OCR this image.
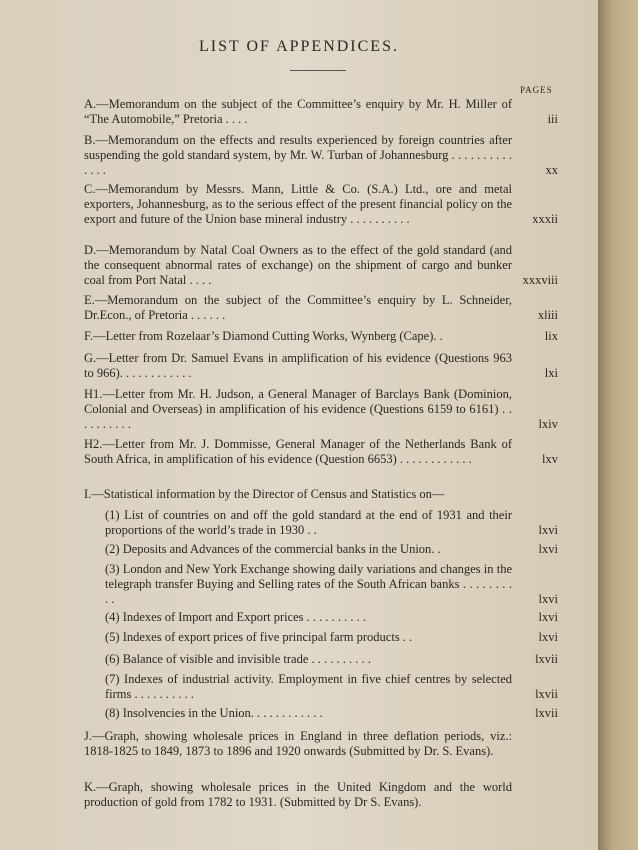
LIST OF APPENDICES.
PAGES
A.—Memorandum on the subject of the Committee’s enquiry by Mr. H. Miller of “The Automobile,” Pretoria . . . .	iii
B.—Memorandum on the effects and results experienced by foreign countries after suspending the gold standard system, by Mr. W. Turban of Johannesburg . . . . . . . . . . . . . .	xx
C.—Memorandum by Messrs. Mann, Little & Co. (S.A.) Ltd., ore and metal exporters, Johannesburg, as to the serious effect of the present financial policy on the export and future of the Union base mineral industry . . . . . . . . . .	xxxii
D.—Memorandum by Natal Coal Owners as to the effect of the gold standard (and the consequent abnormal rates of exchange) on the shipment of cargo and bunker coal from Port Natal . . . .	xxxviii
E.—Memorandum on the subject of the Committee’s enquiry by L. Schneider, Dr.Econ., of Pretoria . . . . . .	xliii
F.—Letter from Rozelaar’s Diamond Cutting Works, Wynberg (Cape). .	lix
G.—Letter from Dr. Samuel Evans in amplification of his evidence (Questions 963 to 966). . . . . . . . . . . .	lxi
H1.—Letter from Mr. H. Judson, a General Manager of Barclays Bank (Dominion, Colonial and Overseas) in amplification of his evidence (Questions 6159 to 6161) . . . . . . . . . .	lxiv
H2.—Letter from Mr. J. Dommisse, General Manager of the Netherlands Bank of South Africa, in amplification of his evidence (Question 6653) . . . . . . . . . . . .	lxv
I.—Statistical information by the Director of Census and Statistics on—
(1) List of countries on and off the gold standard at the end of 1931 and their proportions of the world’s trade in 1930 . .	lxvi
(2) Deposits and Advances of the commercial banks in the Union. .	lxvi
(3) London and New York Exchange showing daily variations and changes in the telegraph transfer Buying and Selling rates of the South African banks . . . . . . . . . .	lxvi
(4) Indexes of Import and Export prices . . . . . . . . . .	lxvi
(5) Indexes of export prices of five principal farm products . .	lxvi
(6) Balance of visible and invisible trade . . . . . . . . . .	lxvii
(7) Indexes of industrial activity. Employment in five chief centres by selected firms . . . . . . . . . .	lxvii
(8) Insolvencies in the Union. . . . . . . . . . . .	lxvii
J.—Graph, showing wholesale prices in England in three deflation periods, viz.: 1818-1825 to 1849, 1873 to 1896 and 1920 onwards (Submitted by Dr. S. Evans).
K.—Graph, showing wholesale prices in the United Kingdom and the world production of gold from 1782 to 1931. (Submitted by Dr S. Evans).
